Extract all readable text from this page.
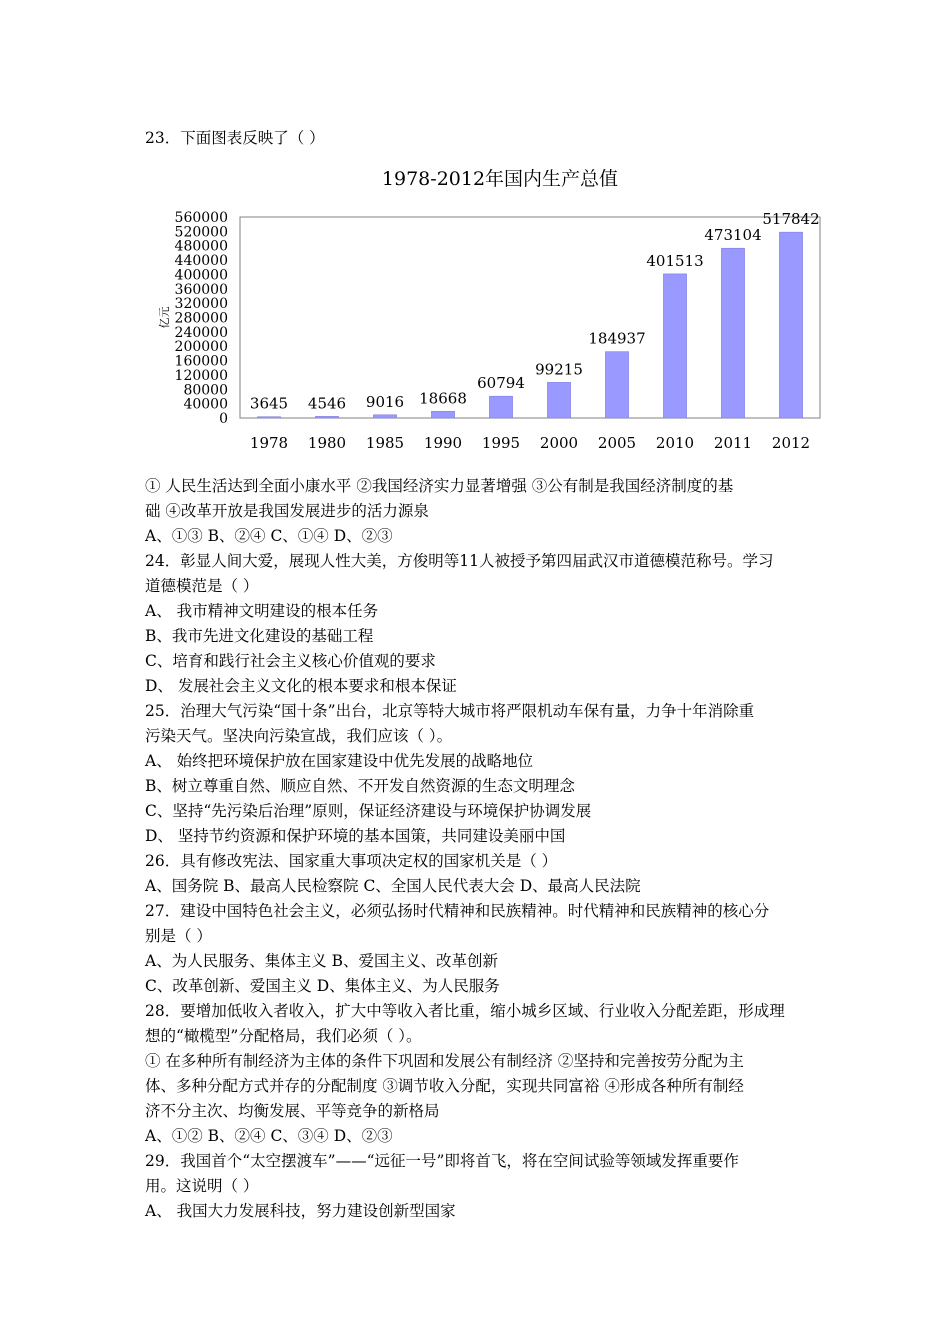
23．下面图表反映了（ ）
1978-2012年国内生产总值
0
40000
80000
120000
160000
200000
240000
280000
320000
360000
400000
440000
480000
520000
560000
亿元
3645
1978
4546
1980
9016
1985
18668
1990
60794
1995
99215
2000
184937
2005
401513
2010
473104
2011
517842
2012
① 人民生活达到全面小康水平 ②我国经济实力显著增强 ③公有制是我国经济制度的基
础 ④改革开放是我国发展进步的活力源泉
A、①③ B、②④ C、①④ D、②③
24．彰显人间大爱，展现人性大美，方俊明等11人被授予第四届武汉市道德模范称号。学习
道德模范是（ ）
A、 我市精神文明建设的根本任务
B、我市先进文化建设的基础工程
C、培育和践行社会主义核心价值观的要求
D、 发展社会主义文化的根本要求和根本保证
25．治理大气污染“国十条”出台，北京等特大城市将严限机动车保有量，力争十年消除重
污染天气。坚决向污染宣战，我们应该（ ）。
A、 始终把环境保护放在国家建设中优先发展的战略地位
B、树立尊重自然、顺应自然、不开发自然资源的生态文明理念
C、坚持“先污染后治理”原则，保证经济建设与环境保护协调发展
D、 坚持节约资源和保护环境的基本国策，共同建设美丽中国
26．具有修改宪法、国家重大事项决定权的国家机关是（ ）
A、国务院 B、最高人民检察院 C、全国人民代表大会 D、最高人民法院
27．建设中国特色社会主义，必须弘扬时代精神和民族精神。时代精神和民族精神的核心分
别是（ ）
A、为人民服务、集体主义 B、爱国主义、改革创新
C、改革创新、爱国主义 D、集体主义、为人民服务
28．要增加低收入者收入，扩大中等收入者比重，缩小城乡区域、行业收入分配差距，形成理
想的“橄榄型”分配格局，我们必须（ ）。
① 在多种所有制经济为主体的条件下巩固和发展公有制经济 ②坚持和完善按劳分配为主
体、多种分配方式并存的分配制度 ③调节收入分配，实现共同富裕 ④形成各种所有制经
济不分主次、均衡发展、平等竞争的新格局
A、①② B、②④ C、③④ D、②③
29．我国首个“太空摆渡车”——“远征一号”即将首飞，将在空间试验等领域发挥重要作
用。这说明（ ）
A、 我国大力发展科技，努力建设创新型国家
